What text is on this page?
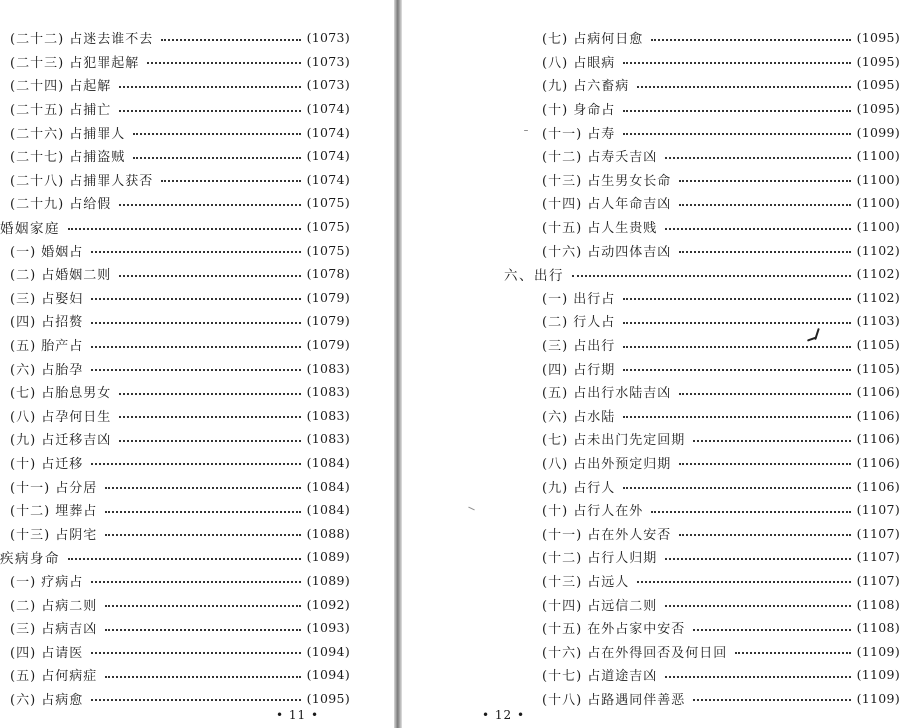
(二十二) 占迷去谁不去	(1073)
(二十三) 占犯罪起解	(1073)
(二十四) 占起解	(1073)
(二十五) 占捕亡	(1074)
(二十六) 占捕罪人	(1074)
(二十七) 占捕盗贼	(1074)
(二十八) 占捕罪人获否	(1074)
(二十九) 占给假	(1075)
婚姻家庭	(1075)
(一) 婚姻占	(1075)
(二) 占婚姻二则	(1078)
(三) 占娶妇	(1079)
(四) 占招赘	(1079)
(五) 胎产占	(1079)
(六) 占胎孕	(1083)
(七) 占胎息男女	(1083)
(八) 占孕何日生	(1083)
(九) 占迁移吉凶	(1083)
(十) 占迁移	(1084)
(十一) 占分居	(1084)
(十二) 埋葬占	(1084)
(十三) 占阴宅	(1088)
疾病身命	(1089)
(一) 疗病占	(1089)
(二) 占病二则	(1092)
(三) 占病吉凶	(1093)
(四) 占请医	(1094)
(五) 占何病症	(1094)
(六) 占病愈	(1095)
• 11 •
(七) 占病何日愈	(1095)
(八) 占眼病	(1095)
(九) 占六畜病	(1095)
(十) 身命占	(1095)
(十一) 占寿	(1099)
(十二) 占寿夭吉凶	(1100)
(十三) 占生男女长命	(1100)
(十四) 占人年命吉凶	(1100)
(十五) 占人生贵贱	(1100)
(十六) 占动四体吉凶	(1102)
六、出行	(1102)
(一) 出行占	(1102)
(二) 行人占	(1103)
(三) 占出行	(1105)
(四) 占行期	(1105)
(五) 占出行水陆吉凶	(1106)
(六) 占水陆	(1106)
(七) 占未出门先定回期	(1106)
(八) 占出外预定归期	(1106)
(九) 占行人	(1106)
(十) 占行人在外	(1107)
(十一) 占在外人安否	(1107)
(十二) 占行人归期	(1107)
(十三) 占远人	(1107)
(十四) 占远信二则	(1108)
(十五) 在外占家中安否	(1108)
(十六) 占在外得回否及何日回	(1109)
(十七) 占道途吉凶	(1109)
(十八) 占路遇同伴善恶	(1109)
• 12 •
